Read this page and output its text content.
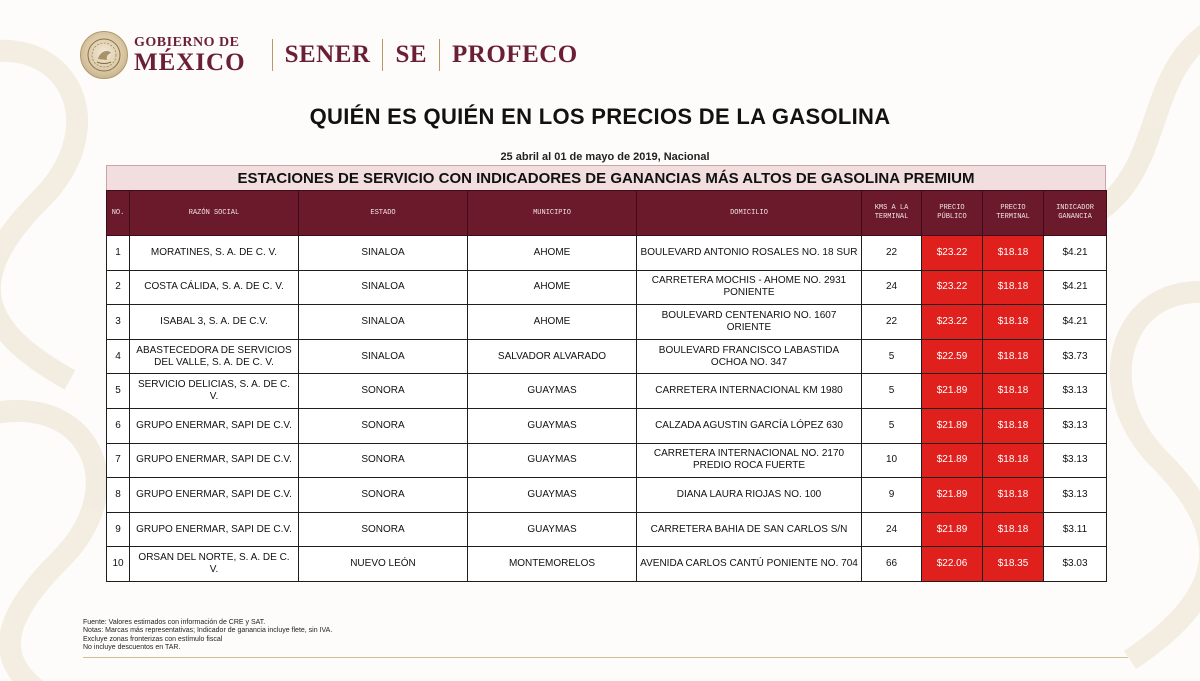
GOBIERNO DE
MÉXICO SENER SE PROFECO
QUIÉN ES QUIÉN EN LOS PRECIOS DE LA GASOLINA
25 abril al 01 de mayo de 2019, Nacional
ESTACIONES DE SERVICIO CON INDICADORES DE GANANCIAS MÁS ALTOS DE GASOLINA PREMIUM
NO.	RAZÓN SOCIAL	ESTADO	MUNICIPIO	DOMICILIO	KMS A LA TERMINAL	PRECIO PÚBLICO	PRECIO TERMINAL	INDICADOR GANANCIA
1	MORATINES, S. A. DE C. V.	SINALOA	AHOME	BOULEVARD ANTONIO ROSALES NO. 18 SUR	22	$23.22	$18.18	$4.21
2	COSTA CÁLIDA, S. A. DE C. V.	SINALOA	AHOME	CARRETERA MOCHIS - AHOME NO. 2931 PONIENTE	24	$23.22	$18.18	$4.21
3	ISABAL 3, S. A. DE C.V.	SINALOA	AHOME	BOULEVARD CENTENARIO NO. 1607 ORIENTE	22	$23.22	$18.18	$4.21
4	ABASTECEDORA DE SERVICIOS DEL VALLE, S. A. DE C. V.	SINALOA	SALVADOR ALVARADO	BOULEVARD FRANCISCO LABASTIDA OCHOA NO. 347	5	$22.59	$18.18	$3.73
5	SERVICIO DELICIAS, S. A. DE C. V.	SONORA	GUAYMAS	CARRETERA INTERNACIONAL KM 1980	5	$21.89	$18.18	$3.13
6	GRUPO ENERMAR, SAPI DE C.V.	SONORA	GUAYMAS	CALZADA AGUSTIN GARCÍA LÓPEZ 630	5	$21.89	$18.18	$3.13
7	GRUPO ENERMAR, SAPI DE C.V.	SONORA	GUAYMAS	CARRETERA INTERNACIONAL NO. 2170 PREDIO ROCA FUERTE	10	$21.89	$18.18	$3.13
8	GRUPO ENERMAR, SAPI DE C.V.	SONORA	GUAYMAS	DIANA LAURA RIOJAS NO. 100	9	$21.89	$18.18	$3.13
9	GRUPO ENERMAR, SAPI DE C.V.	SONORA	GUAYMAS	CARRETERA BAHIA DE SAN CARLOS S/N	24	$21.89	$18.18	$3.11
10	ORSAN DEL NORTE, S. A. DE C. V.	NUEVO LEÓN	MONTEMORELOS	AVENIDA CARLOS CANTÚ PONIENTE NO. 704	66	$22.06	$18.35	$3.03
Fuente: Valores estimados con información de CRE y SAT.
Notas: Marcas más representativas; Indicador de ganancia incluye flete, sin IVA.
Excluye zonas fronterizas con estímulo fiscal
No incluye descuentos en TAR.
